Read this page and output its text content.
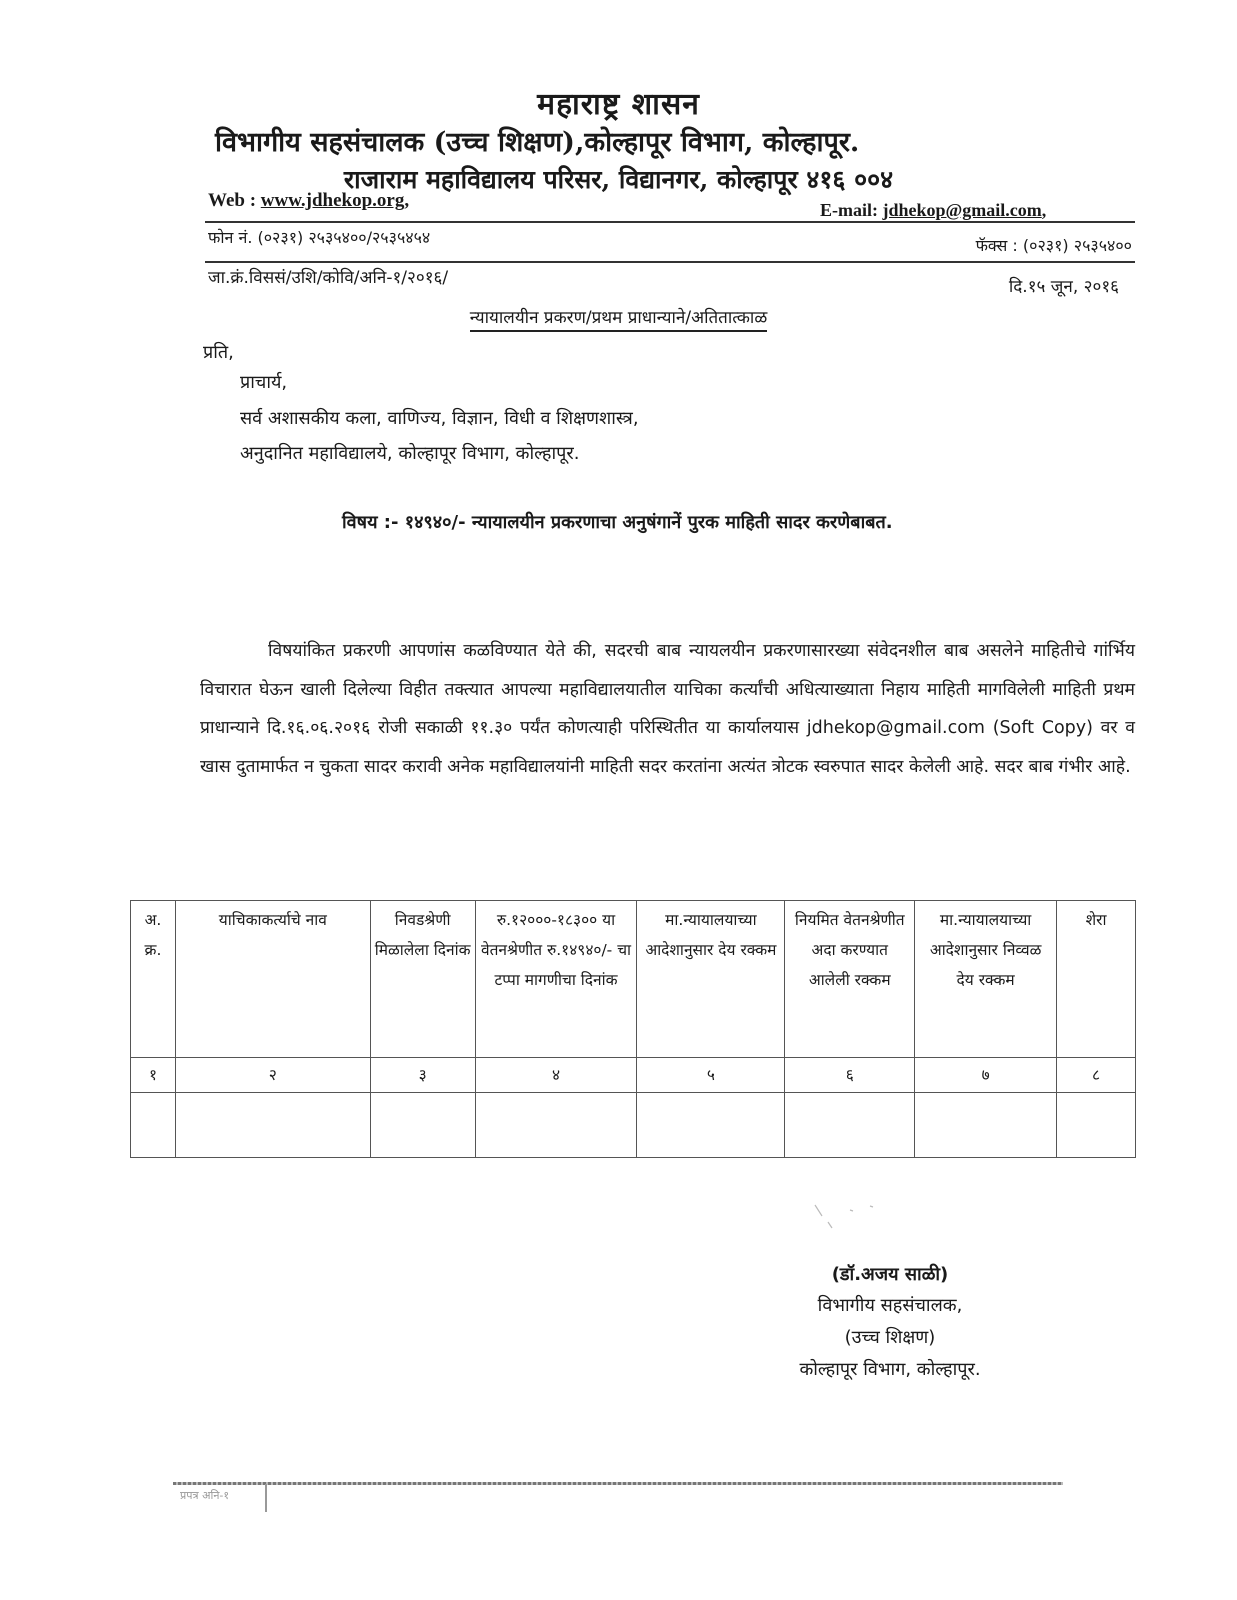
महाराष्ट्र शासन
विभागीय सहसंचालक (उच्च शिक्षण),कोल्हापूर विभाग, कोल्हापूर.
राजाराम महाविद्यालय परिसर, विद्यानगर, कोल्हापूर ४१६ ००४
Web : www.jdhekop.org,	E-mail: jdhekop@gmail.com,
फोन नं. (०२३१) २५३५४००/२५३५४५४	फॅक्स : (०२३१) २५३५४००
जा.क्रं.विससं/उशि/कोवि/अनि-१/२०१६/	दि.१५ जून, २०१६
न्यायालयीन प्रकरण/प्रथम प्राधान्याने/अतितात्काळ
प्रति,
प्राचार्य,
सर्व अशासकीय कला, वाणिज्य, विज्ञान, विधी व शिक्षणशास्त्र,
अनुदानित महाविद्यालये, कोल्हापूर विभाग, कोल्हापूर.
विषय :- १४९४०/- न्यायालयीन प्रकरणाचा अनुषंगानें पुरक माहिती सादर करणेबाबत.
विषयांकित प्रकरणी आपणांस कळविण्यात येते की, सदरची बाब न्यायलयीन प्रकरणासारख्या संवेदनशील बाब असलेने माहितीचे गांर्भिय विचारात घेऊन खाली दिलेल्या विहीत तक्त्यात आपल्या महाविद्यालयातील याचिका कर्त्यांची अधित्याख्याता निहाय माहिती मागविलेली माहिती प्रथम प्राधान्याने दि.१६.०६.२०१६ रोजी सकाळी ११.३० पर्यंत कोणत्याही परिस्थितीत या कार्यालयास jdhekop@gmail.com (Soft Copy) वर व खास दुतामार्फत न चुकता सादर करावी अनेक महाविद्यालयांनी माहिती सदर करतांना अत्यंत त्रोटक स्वरुपात सादर केलेली आहे. सदर बाब गंभीर आहे.
अ. क्र.	याचिकाकर्त्याचे नाव	निवडश्रेणी मिळालेला दिनांक	रु.१२०००-१८३०० या वेतनश्रेणीत रु.१४९४०/- चा टप्पा मागणीचा दिनांक	मा.न्यायालयाच्या आदेशानुसार देय रक्कम	नियमित वेतनश्रेणीत अदा करण्यात आलेली रक्कम	मा.न्यायालयाच्या आदेशानुसार निव्वळ देय रक्कम	शेरा
१	२	३	४	५	६	७	८

(डॉ.अजय साळी)
विभागीय सहसंचालक,
(उच्च शिक्षण)
कोल्हापूर विभाग, कोल्हापूर.
प्रपत्र अनि-१
